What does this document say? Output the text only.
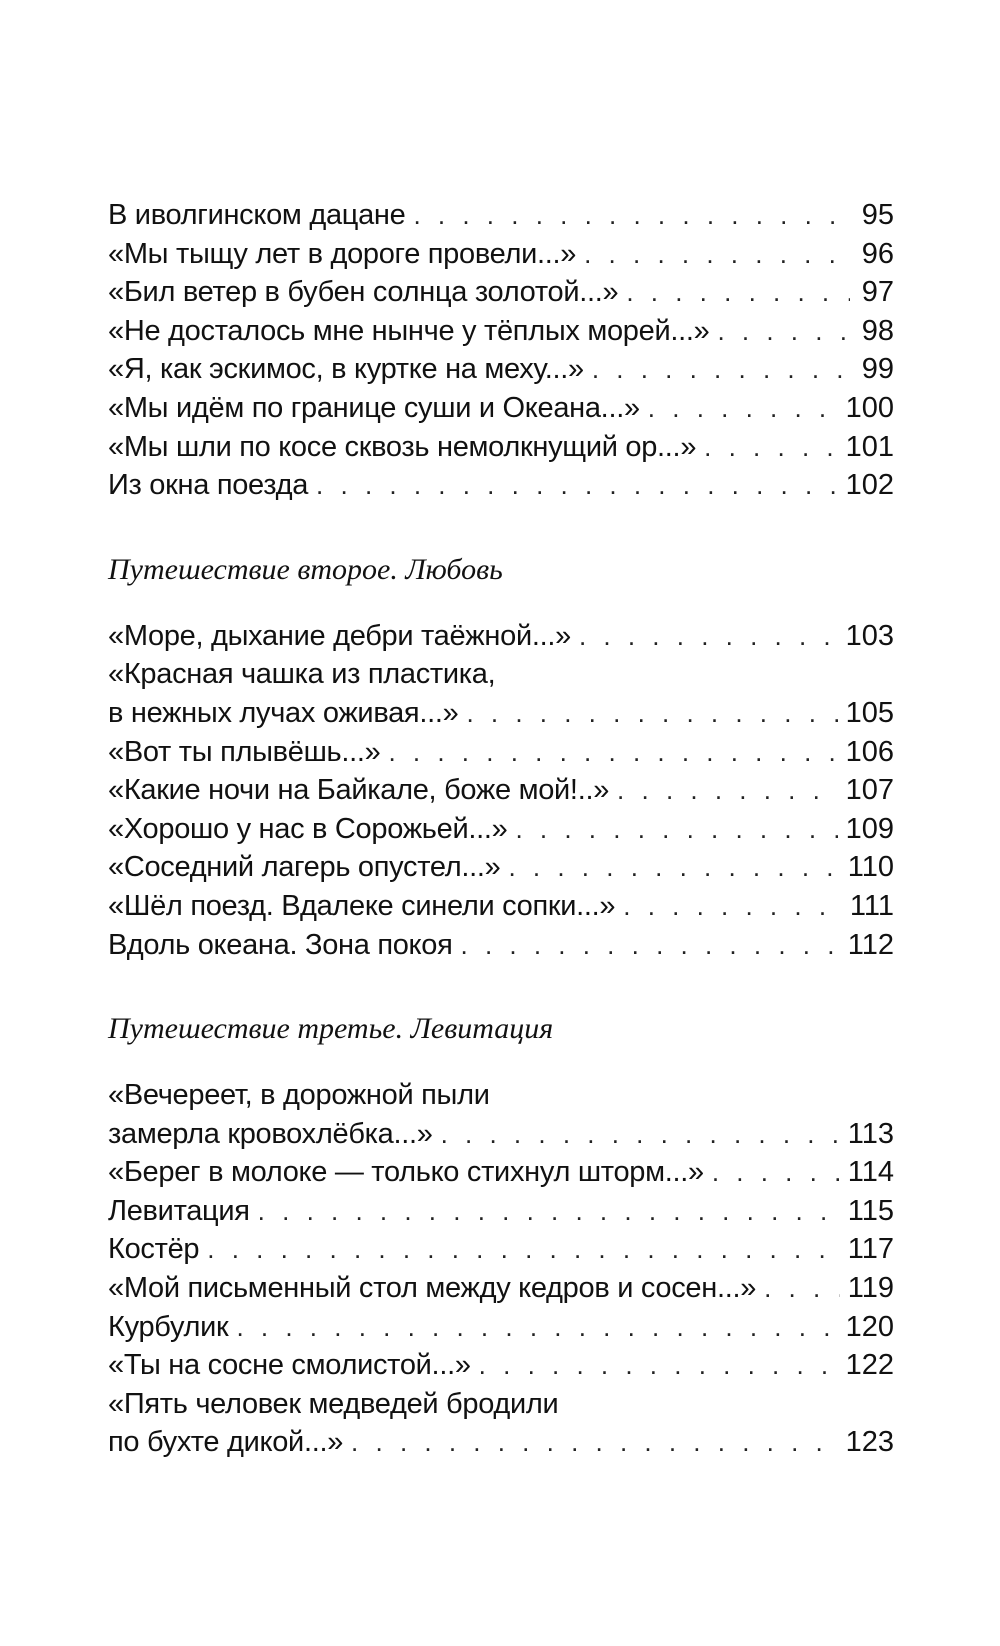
В иволгинском дацане . . .	95
«Мы тыщу лет в дороге провели...» . . .	96
«Бил ветер в бубен солнца золотой...» . . .	97
«Не досталось мне нынче у тёплых морей...» . . .	98
«Я, как эскимос, в куртке на меху...» . . .	99
«Мы идём по границе суши и Океана...» . . .	100
«Мы шли по косе сквозь немолкнущий ор...» . . .	101
Из окна поезда . . .	102
Путешествие второе. Любовь
«Море, дыхание дебри таёжной...» . . .	103
«Красная чашка из пластика,
в нежных лучах оживая...» . . .	105
«Вот ты плывёшь...» . . .	106
«Какие ночи на Байкале, боже мой!..» . . .	107
«Хорошо у нас в Сорожьей...» . . .	109
«Соседний лагерь опустел...» . . .	110
«Шёл поезд. Вдалеке синели сопки...» . . .	111
Вдоль океана. Зона покоя . . .	112
Путешествие третье. Левитация
«Вечереет, в дорожной пыли
замерла кровохлёбка...» . . .	113
«Берег в молоке — только стихнул шторм...» . . .	114
Левитация . . .	115
Костёр . . .	117
«Мой письменный стол между кедров и сосен...» . . .	119
Курбулик . . .	120
«Ты на сосне смолистой...» . . .	122
«Пять человек медведей бродили
по бухте дикой...» . . .	123
